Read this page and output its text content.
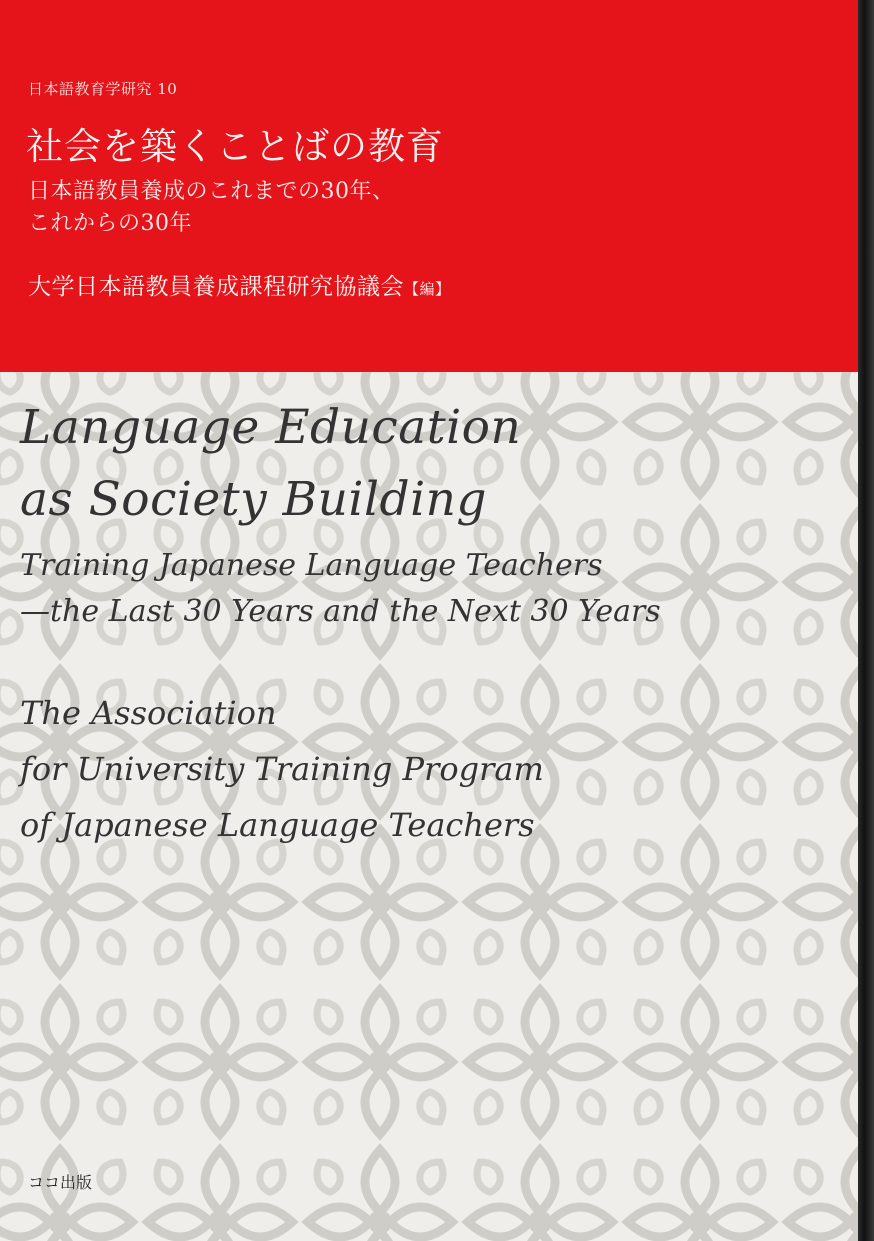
日本語教育学研究 10
社会を築くことばの教育
日本語教員養成のこれまでの30年、
これからの30年
大学日本語教員養成課程研究協議会【編】
Language Education
as Society Building
Training Japanese Language Teachers
—the Last 30 Years and the Next 30 Years
The Association
for University Training Program
of Japanese Language Teachers
ココ出版
